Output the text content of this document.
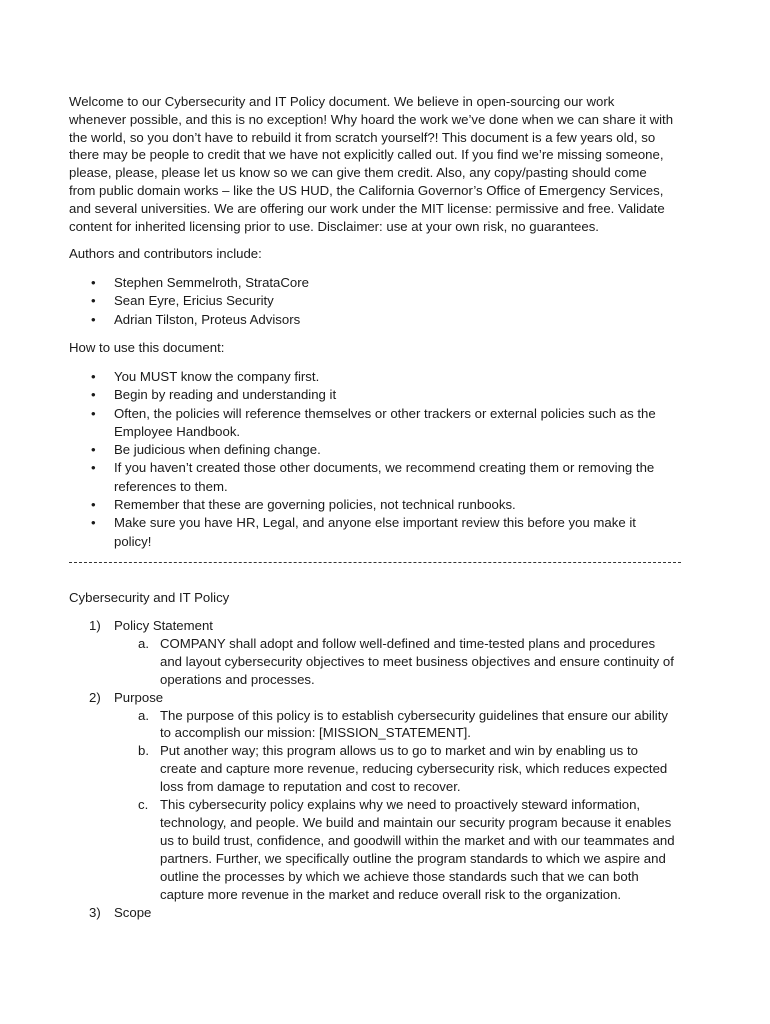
Welcome to our Cybersecurity and IT Policy document. We believe in open-sourcing our work
whenever possible, and this is no exception! Why hoard the work we’ve done when we can share it with
the world, so you don’t have to rebuild it from scratch yourself?! This document is a few years old, so
there may be people to credit that we have not explicitly called out. If you find we’re missing someone,
please, please, please let us know so we can give them credit. Also, any copy/pasting should come
from public domain works – like the US HUD, the California Governor’s Office of Emergency Services,
and several universities. We are offering our work under the MIT license: permissive and free. Validate
content for inherited licensing prior to use. Disclaimer: use at your own risk, no guarantees.

Authors and contributors include:

• Stephen Semmelroth, StrataCore
• Sean Eyre, Ericius Security
• Adrian Tilston, Proteus Advisors

How to use this document:

• You MUST know the company first.
• Begin by reading and understanding it
• Often, the policies will reference themselves or other trackers or external policies such as the
Employee Handbook.
• Be judicious when defining change.
• If you haven’t created those other documents, we recommend creating them or removing the
references to them.
• Remember that these are governing policies, not technical runbooks.
• Make sure you have HR, Legal, and anyone else important review this before you make it
policy!

Cybersecurity and IT Policy

1) Policy Statement
a. COMPANY shall adopt and follow well-defined and time-tested plans and procedures
and layout cybersecurity objectives to meet business objectives and ensure continuity of
operations and processes.
2) Purpose
a. The purpose of this policy is to establish cybersecurity guidelines that ensure our ability
to accomplish our mission: [MISSION_STATEMENT].
b. Put another way; this program allows us to go to market and win by enabling us to
create and capture more revenue, reducing cybersecurity risk, which reduces expected
loss from damage to reputation and cost to recover.
c. This cybersecurity policy explains why we need to proactively steward information,
technology, and people. We build and maintain our security program because it enables
us to build trust, confidence, and goodwill within the market and with our teammates and
partners. Further, we specifically outline the program standards to which we aspire and
outline the processes by which we achieve those standards such that we can both
capture more revenue in the market and reduce overall risk to the organization.
3) Scope
